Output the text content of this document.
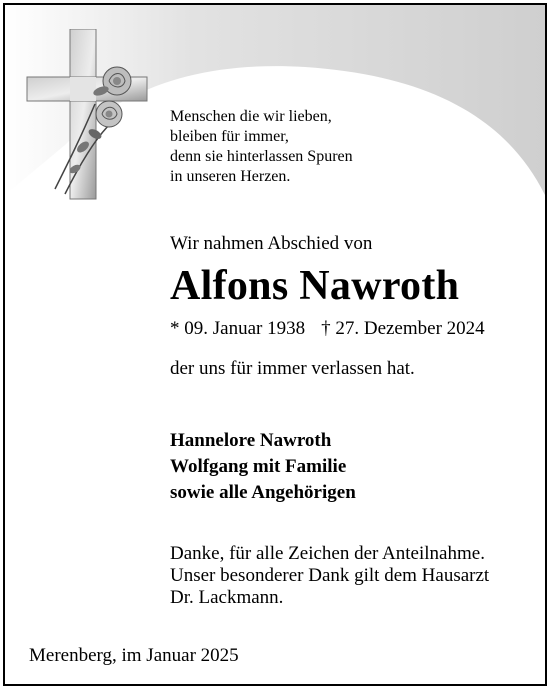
Menschen die wir lieben,
bleiben für immer,
denn sie hinterlassen Spuren
in unseren Herzen.
Wir nahmen Abschied von
Alfons Nawroth
* 09. Januar 1938 † 27. Dezember 2024
der uns für immer verlassen hat.
Hannelore Nawroth
Wolfgang mit Familie
sowie alle Angehörigen
Danke, für alle Zeichen der Anteilnahme.
Unser besonderer Dank gilt dem Hausarzt
Dr. Lackmann.
Merenberg, im Januar 2025
